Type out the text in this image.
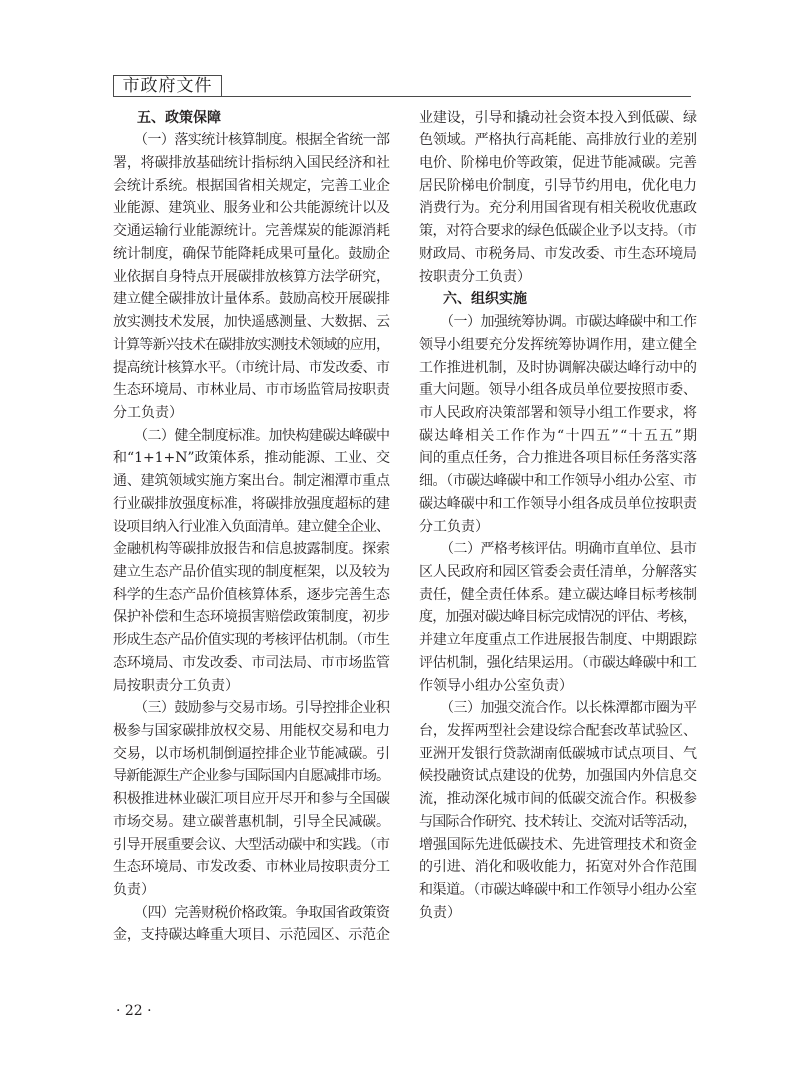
市政府文件
五、政策保障
（一）落实统计核算制度。根据全省统一部
署，将碳排放基础统计指标纳入国民经济和社
会统计系统。根据国省相关规定，完善工业企
业能源、建筑业、服务业和公共能源统计以及
交通运输行业能源统计。完善煤炭的能源消耗
统计制度，确保节能降耗成果可量化。鼓励企
业依据自身特点开展碳排放核算方法学研究，
建立健全碳排放计量体系。鼓励高校开展碳排
放实测技术发展，加快遥感测量、大数据、云
计算等新兴技术在碳排放实测技术领域的应用，
提高统计核算水平。（市统计局、市发改委、市
生态环境局、市林业局、市市场监管局按职责
分工负责）
（二）健全制度标准。加快构建碳达峰碳中
和“1+1+N”政策体系，推动能源、工业、交
通、建筑领域实施方案出台。制定湘潭市重点
行业碳排放强度标准，将碳排放强度超标的建
设项目纳入行业准入负面清单。建立健全企业、
金融机构等碳排放报告和信息披露制度。探索
建立生态产品价值实现的制度框架，以及较为
科学的生态产品价值核算体系，逐步完善生态
保护补偿和生态环境损害赔偿政策制度，初步
形成生态产品价值实现的考核评估机制。（市生
态环境局、市发改委、市司法局、市市场监管
局按职责分工负责）
（三）鼓励参与交易市场。引导控排企业积
极参与国家碳排放权交易、用能权交易和电力
交易，以市场机制倒逼控排企业节能减碳。引
导新能源生产企业参与国际国内自愿减排市场。
积极推进林业碳汇项目应开尽开和参与全国碳
市场交易。建立碳普惠机制，引导全民减碳。
引导开展重要会议、大型活动碳中和实践。（市
生态环境局、市发改委、市林业局按职责分工
负责）
（四）完善财税价格政策。争取国省政策资
金，支持碳达峰重大项目、示范园区、示范企
业建设，引导和撬动社会资本投入到低碳、绿
色领域。严格执行高耗能、高排放行业的差别
电价、阶梯电价等政策，促进节能减碳。完善
居民阶梯电价制度，引导节约用电，优化电力
消费行为。充分利用国省现有相关税收优惠政
策，对符合要求的绿色低碳企业予以支持。（市
财政局、市税务局、市发改委、市生态环境局
按职责分工负责）
六、组织实施
（一）加强统筹协调。市碳达峰碳中和工作
领导小组要充分发挥统筹协调作用，建立健全
工作推进机制，及时协调解决碳达峰行动中的
重大问题。领导小组各成员单位要按照市委、
市人民政府决策部署和领导小组工作要求，将
碳达峰相关工作作为“十四五”“十五五”期
间的重点任务，合力推进各项目标任务落实落
细。（市碳达峰碳中和工作领导小组办公室、市
碳达峰碳中和工作领导小组各成员单位按职责
分工负责）
（二）严格考核评估。明确市直单位、县市
区人民政府和园区管委会责任清单，分解落实
责任，健全责任体系。建立碳达峰目标考核制
度，加强对碳达峰目标完成情况的评估、考核，
并建立年度重点工作进展报告制度、中期跟踪
评估机制，强化结果运用。（市碳达峰碳中和工
作领导小组办公室负责）
（三）加强交流合作。以长株潭都市圈为平
台，发挥两型社会建设综合配套改革试验区、
亚洲开发银行贷款湖南低碳城市试点项目、气
候投融资试点建设的优势，加强国内外信息交
流，推动深化城市间的低碳交流合作。积极参
与国际合作研究、技术转让、交流对话等活动，
增强国际先进低碳技术、先进管理技术和资金
的引进、消化和吸收能力，拓宽对外合作范围
和渠道。（市碳达峰碳中和工作领导小组办公室
负责）
· 22 ·
